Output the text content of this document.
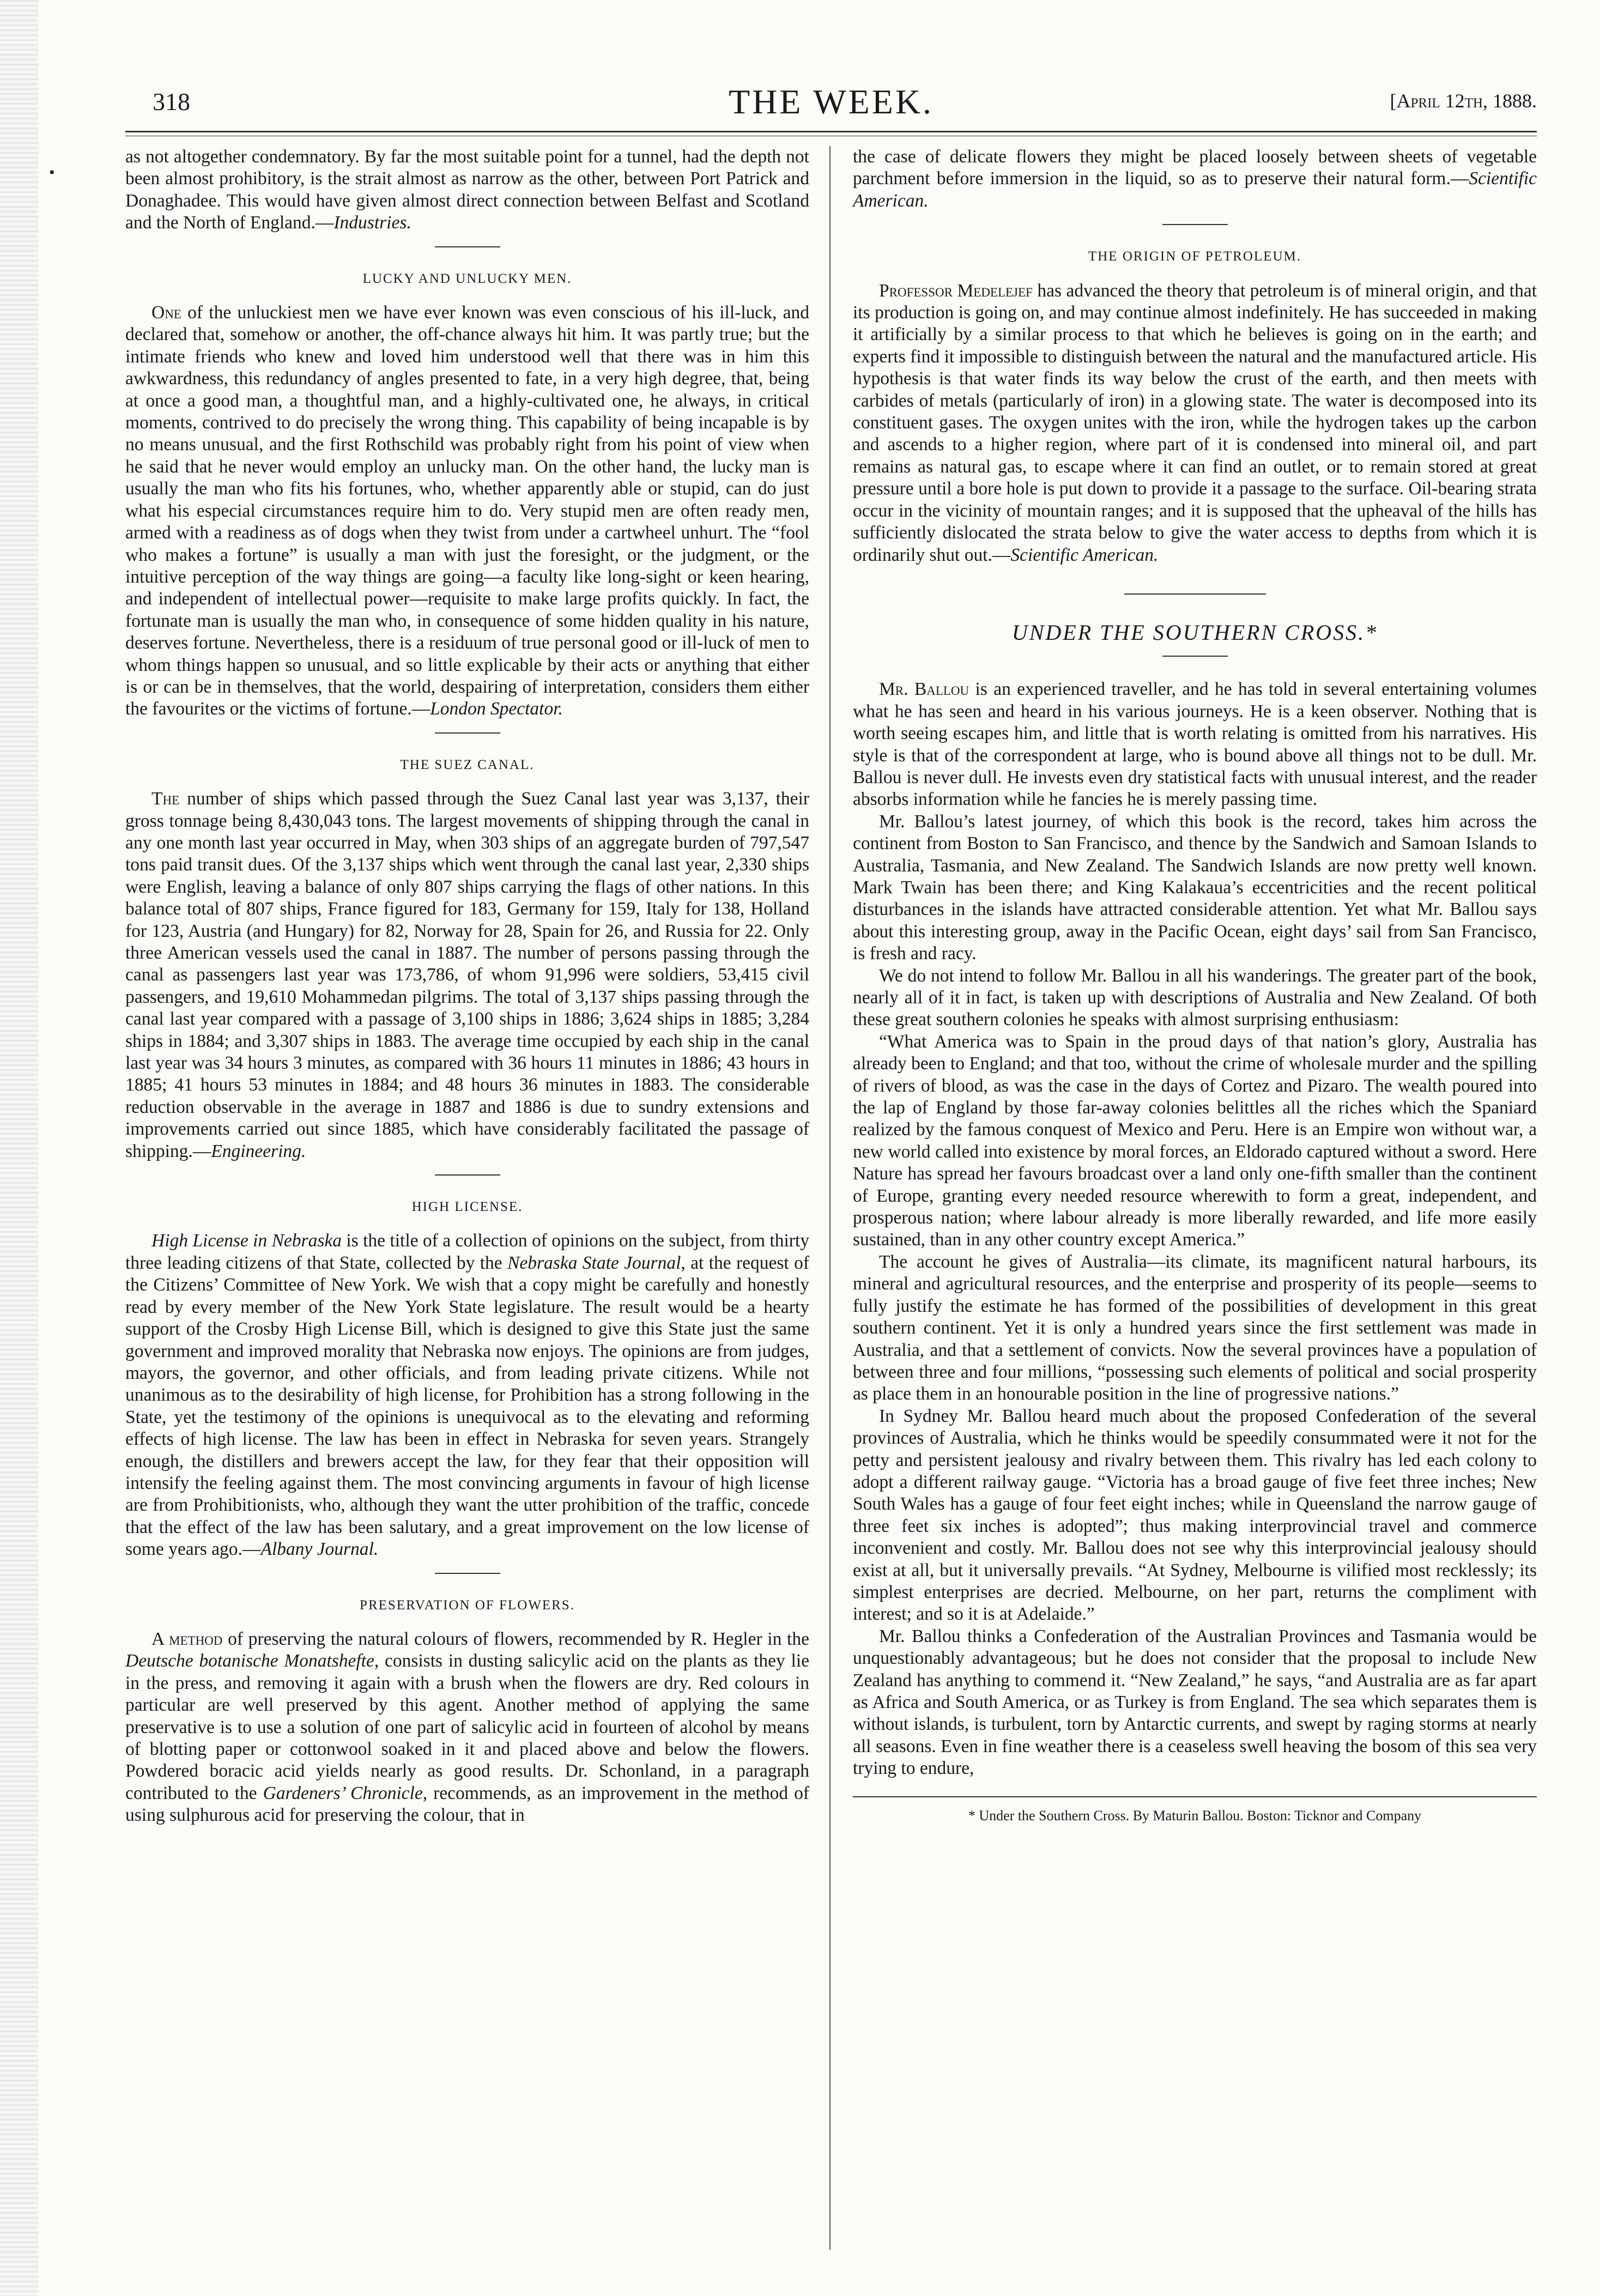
•
318	THE WEEK.	[April 12th, 1888.

as not altogether condemnatory. By far the most suitable point for a tunnel, had the depth not been almost prohibitory, is the strait almost as narrow as the other, between Port Patrick and Donaghadee. This would have given almost direct connection between Belfast and Scotland and the North of England.—Industries.

LUCKY AND UNLUCKY MEN.

One of the unluckiest men we have ever known was even conscious of his ill-luck, and declared that, somehow or another, the off-chance always hit him. It was partly true; but the intimate friends who knew and loved him understood well that there was in him this awkwardness, this redundancy of angles presented to fate, in a very high degree, that, being at once a good man, a thoughtful man, and a highly-cultivated one, he always, in critical moments, contrived to do precisely the wrong thing. This capability of being incapable is by no means unusual, and the first Rothschild was probably right from his point of view when he said that he never would employ an unlucky man. On the other hand, the lucky man is usually the man who fits his fortunes, who, whether apparently able or stupid, can do just what his especial circumstances require him to do. Very stupid men are often ready men, armed with a readiness as of dogs when they twist from under a cartwheel unhurt. The “fool who makes a fortune” is usually a man with just the foresight, or the judgment, or the intuitive perception of the way things are going—a faculty like long-sight or keen hearing, and independent of intellectual power—requisite to make large profits quickly. In fact, the fortunate man is usually the man who, in consequence of some hidden quality in his nature, deserves fortune. Nevertheless, there is a residuum of true personal good or ill-luck of men to whom things happen so unusual, and so little explicable by their acts or anything that either is or can be in themselves, that the world, despairing of interpretation, considers them either the favourites or the victims of fortune.—London Spectator.

THE SUEZ CANAL.

The number of ships which passed through the Suez Canal last year was 3,137, their gross tonnage being 8,430,043 tons. The largest movements of shipping through the canal in any one month last year occurred in May, when 303 ships of an aggregate burden of 797,547 tons paid transit dues. Of the 3,137 ships which went through the canal last year, 2,330 ships were English, leaving a balance of only 807 ships carrying the flags of other nations. In this balance total of 807 ships, France figured for 183, Germany for 159, Italy for 138, Holland for 123, Austria (and Hungary) for 82, Norway for 28, Spain for 26, and Russia for 22. Only three American vessels used the canal in 1887. The number of persons passing through the canal as passengers last year was 173,786, of whom 91,996 were soldiers, 53,415 civil passengers, and 19,610 Mohammedan pilgrims. The total of 3,137 ships passing through the canal last year compared with a passage of 3,100 ships in 1886; 3,624 ships in 1885; 3,284 ships in 1884; and 3,307 ships in 1883. The average time occupied by each ship in the canal last year was 34 hours 3 minutes, as compared with 36 hours 11 minutes in 1886; 43 hours in 1885; 41 hours 53 minutes in 1884; and 48 hours 36 minutes in 1883. The considerable reduction observable in the average in 1887 and 1886 is due to sundry extensions and improvements carried out since 1885, which have considerably facilitated the passage of shipping.—Engineering.

HIGH LICENSE.

High License in Nebraska is the title of a collection of opinions on the subject, from thirty three leading citizens of that State, collected by the Nebraska State Journal, at the request of the Citizens’ Committee of New York. We wish that a copy might be carefully and honestly read by every member of the New York State legislature. The result would be a hearty support of the Crosby High License Bill, which is designed to give this State just the same government and improved morality that Nebraska now enjoys. The opinions are from judges, mayors, the governor, and other officials, and from leading private citizens. While not unanimous as to the desirability of high license, for Prohibition has a strong following in the State, yet the testimony of the opinions is unequivocal as to the elevating and reforming effects of high license. The law has been in effect in Nebraska for seven years. Strangely enough, the distillers and brewers accept the law, for they fear that their opposition will intensify the feeling against them. The most convincing arguments in favour of high license are from Prohibitionists, who, although they want the utter prohibition of the traffic, concede that the effect of the law has been salutary, and a great improvement on the low license of some years ago.—Albany Journal.

PRESERVATION OF FLOWERS.

A method of preserving the natural colours of flowers, recommended by R. Hegler in the Deutsche botanische Monatshefte, consists in dusting salicylic acid on the plants as they lie in the press, and removing it again with a brush when the flowers are dry. Red colours in particular are well preserved by this agent. Another method of applying the same preservative is to use a solution of one part of salicylic acid in fourteen of alcohol by means of blotting paper or cottonwool soaked in it and placed above and below the flowers. Powdered boracic acid yields nearly as good results. Dr. Schonland, in a paragraph contributed to the Gardeners’ Chronicle, recommends, as an improvement in the method of using sulphurous acid for preserving the colour, that in

the case of delicate flowers they might be placed loosely between sheets of vegetable parchment before immersion in the liquid, so as to preserve their natural form.—Scientific American.

THE ORIGIN OF PETROLEUM.

Professor Medelejef has advanced the theory that petroleum is of mineral origin, and that its production is going on, and may continue almost indefinitely. He has succeeded in making it artificially by a similar process to that which he believes is going on in the earth; and experts find it impossible to distinguish between the natural and the manufactured article. His hypothesis is that water finds its way below the crust of the earth, and then meets with carbides of metals (particularly of iron) in a glowing state. The water is decomposed into its constituent gases. The oxygen unites with the iron, while the hydrogen takes up the carbon and ascends to a higher region, where part of it is condensed into mineral oil, and part remains as natural gas, to escape where it can find an outlet, or to remain stored at great pressure until a bore hole is put down to provide it a passage to the surface. Oil-bearing strata occur in the vicinity of mountain ranges; and it is supposed that the upheaval of the hills has sufficiently dislocated the strata below to give the water access to depths from which it is ordinarily shut out.—Scientific American.

UNDER THE SOUTHERN CROSS.*

Mr. Ballou is an experienced traveller, and he has told in several entertaining volumes what he has seen and heard in his various journeys. He is a keen observer. Nothing that is worth seeing escapes him, and little that is worth relating is omitted from his narratives. His style is that of the correspondent at large, who is bound above all things not to be dull. Mr. Ballou is never dull. He invests even dry statistical facts with unusual interest, and the reader absorbs information while he fancies he is merely passing time.

Mr. Ballou’s latest journey, of which this book is the record, takes him across the continent from Boston to San Francisco, and thence by the Sandwich and Samoan Islands to Australia, Tasmania, and New Zealand. The Sandwich Islands are now pretty well known. Mark Twain has been there; and King Kalakaua’s eccentricities and the recent political disturbances in the islands have attracted considerable attention. Yet what Mr. Ballou says about this interesting group, away in the Pacific Ocean, eight days’ sail from San Francisco, is fresh and racy.

We do not intend to follow Mr. Ballou in all his wanderings. The greater part of the book, nearly all of it in fact, is taken up with descriptions of Australia and New Zealand. Of both these great southern colonies he speaks with almost surprising enthusiasm:

“What America was to Spain in the proud days of that nation’s glory, Australia has already been to England; and that too, without the crime of wholesale murder and the spilling of rivers of blood, as was the case in the days of Cortez and Pizaro. The wealth poured into the lap of England by those far-away colonies belittles all the riches which the Spaniard realized by the famous conquest of Mexico and Peru. Here is an Empire won without war, a new world called into existence by moral forces, an Eldorado captured without a sword. Here Nature has spread her favours broadcast over a land only one-fifth smaller than the continent of Europe, granting every needed resource wherewith to form a great, independent, and prosperous nation; where labour already is more liberally rewarded, and life more easily sustained, than in any other country except America.”

The account he gives of Australia—its climate, its magnificent natural harbours, its mineral and agricultural resources, and the enterprise and prosperity of its people—seems to fully justify the estimate he has formed of the possibilities of development in this great southern continent. Yet it is only a hundred years since the first settlement was made in Australia, and that a settlement of convicts. Now the several provinces have a population of between three and four millions, “possessing such elements of political and social prosperity as place them in an honourable position in the line of progressive nations.”

In Sydney Mr. Ballou heard much about the proposed Confederation of the several provinces of Australia, which he thinks would be speedily consummated were it not for the petty and persistent jealousy and rivalry between them. This rivalry has led each colony to adopt a different railway gauge. “Victoria has a broad gauge of five feet three inches; New South Wales has a gauge of four feet eight inches; while in Queensland the narrow gauge of three feet six inches is adopted”; thus making interprovincial travel and commerce inconvenient and costly. Mr. Ballou does not see why this interprovincial jealousy should exist at all, but it universally prevails. “At Sydney, Melbourne is vilified most recklessly; its simplest enterprises are decried. Melbourne, on her part, returns the compliment with interest; and so it is at Adelaide.”

Mr. Ballou thinks a Confederation of the Australian Provinces and Tasmania would be unquestionably advantageous; but he does not consider that the proposal to include New Zealand has anything to commend it. “New Zealand,” he says, “and Australia are as far apart as Africa and South America, or as Turkey is from England. The sea which separates them is without islands, is turbulent, torn by Antarctic currents, and swept by raging storms at nearly all seasons. Even in fine weather there is a ceaseless swell heaving the bosom of this sea very trying to endure,

* Under the Southern Cross. By Maturin Ballou. Boston: Ticknor and Company
